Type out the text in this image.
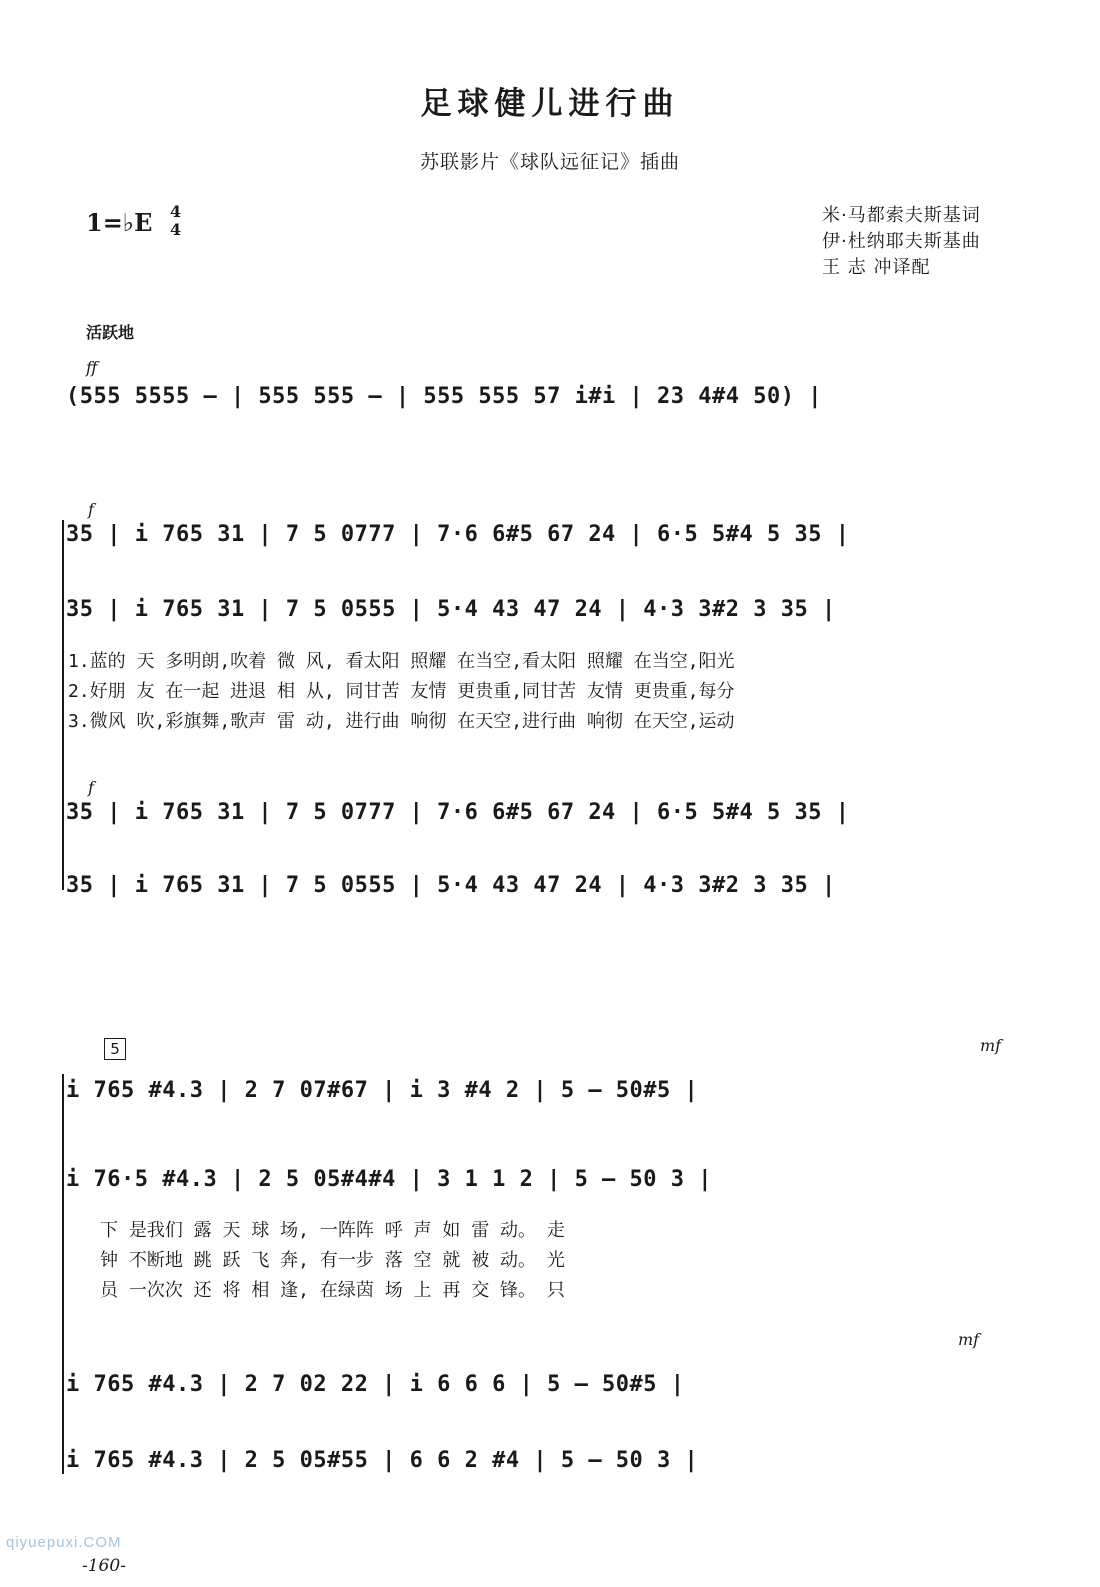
足球健儿进行曲
苏联影片《球队远征记》插曲
1=♭E 4
4
米·马都索夫斯基词
伊·杜纳耶夫斯基曲
王 志 冲译配
活跃地
ff
(555 5555 – | 555 555 – | 555 555 57 i#i | 23 4#4 50) |
f
35 | i 765 31 | 7 5 0777 | 7·6 6#5 67 24 | 6·5 5#4 5 35 |
35 | i 765 31 | 7 5 0555 | 5·4 43 47 24 | 4·3 3#2 3 35 |
1.蓝的 天 多明朗,吹着 微 风, 看太阳 照耀 在当空,看太阳 照耀 在当空,阳光
2.好朋 友 在一起 进退 相 从, 同甘苦 友情 更贵重,同甘苦 友情 更贵重,每分
3.微风 吹,彩旗舞,歌声 雷 动, 进行曲 响彻 在天空,进行曲 响彻 在天空,运动
f
35 | i 765 31 | 7 5 0777 | 7·6 6#5 67 24 | 6·5 5#4 5 35 |
35 | i 765 31 | 7 5 0555 | 5·4 43 47 24 | 4·3 3#2 3 35 |
5	mf
i 765 #4.3 | 2 7 07#67 | i 3 #4 2 | 5 – 50#5 |
i 76·5 #4.3 | 2 5 05#4#4 | 3 1 1 2 | 5 – 50 3 |
下 是我们 露 天 球 场, 一阵阵 呼 声 如 雷 动。 走
钟 不断地 跳 跃 飞 奔, 有一步 落 空 就 被 动。 光
员 一次次 还 将 相 逢, 在绿茵 场 上 再 交 锋。 只
mf
i 765 #4.3 | 2 7 02 22 | i 6 6 6 | 5 – 50#5 |
i 765 #4.3 | 2 5 05#55 | 6 6 2 #4 | 5 – 50 3 |
qiyuepuxi.COM
-160-
